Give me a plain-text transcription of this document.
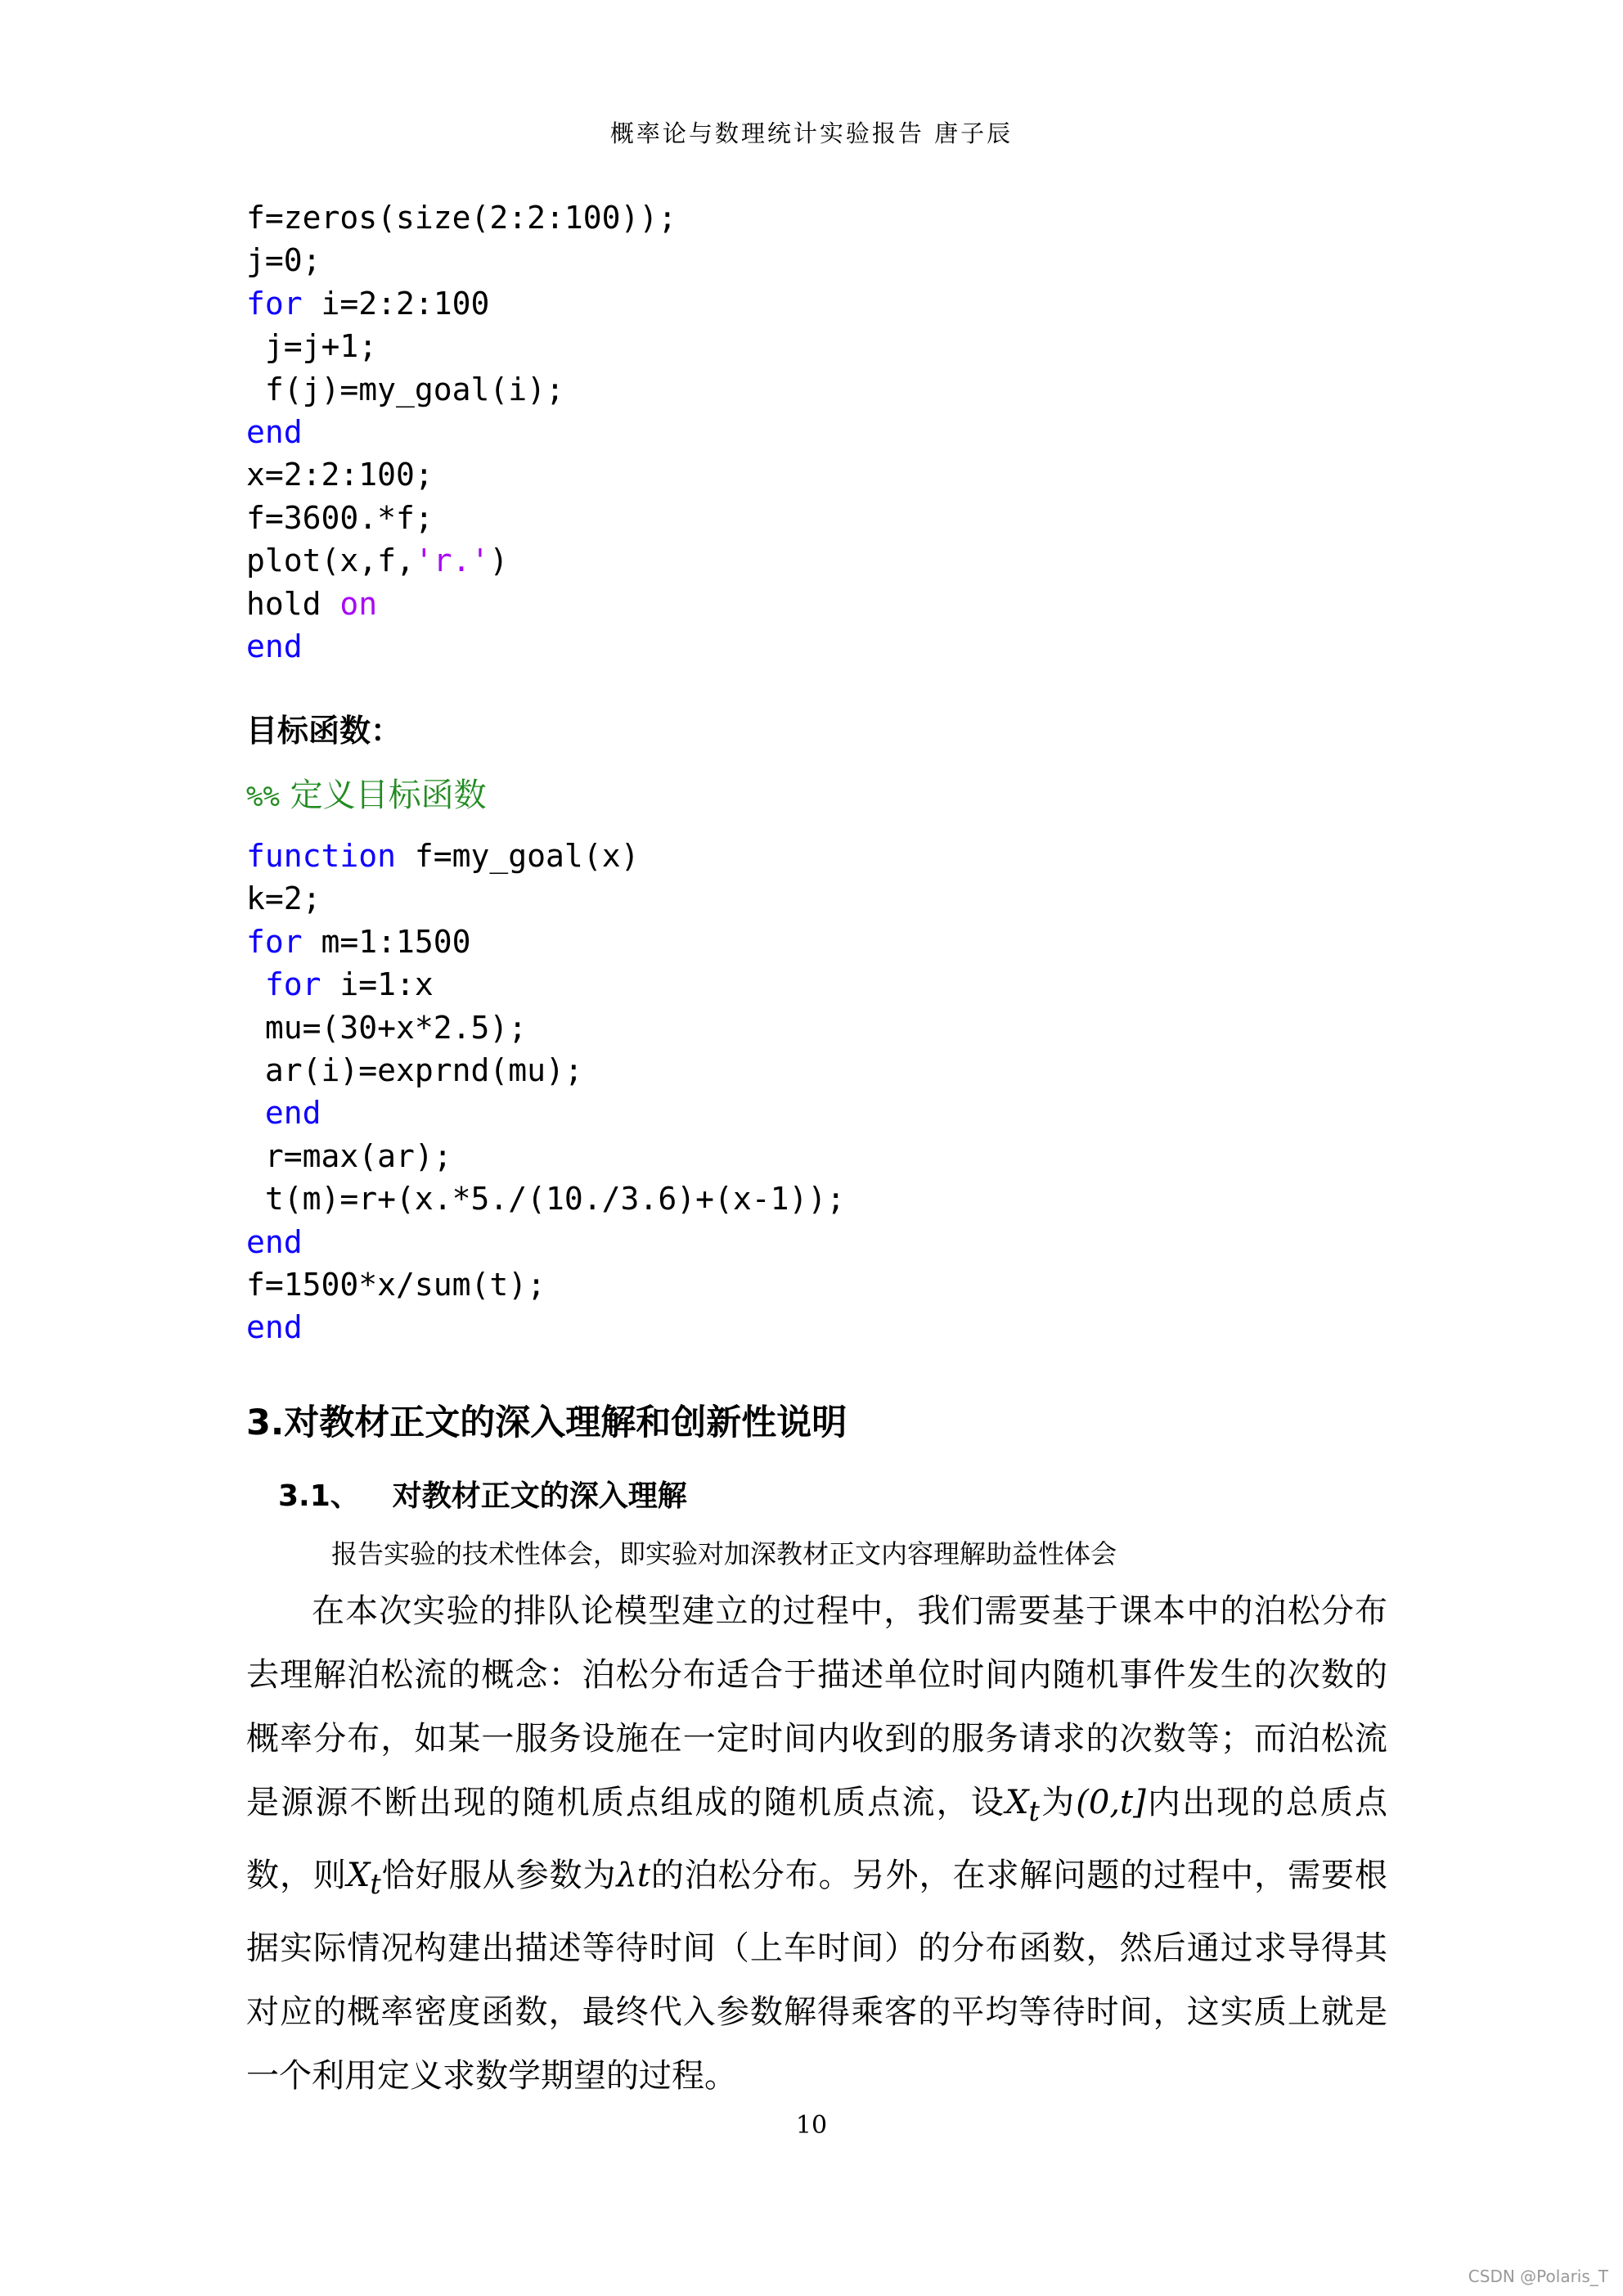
概率论与数理统计实验报告 唐子辰
f=zeros(size(2:2:100));
j=0;
for i=2:2:100
j=j+1;
f(j)=my_goal(i);
end
x=2:2:100;
f=3600.*f;
plot(x,f,'r.')
hold on
end
目标函数：
%% 定义目标函数
function f=my_goal(x)
k=2;
for m=1:1500
for i=1:x
mu=(30+x*2.5);
ar(i)=exprnd(mu);
end
r=max(ar);
t(m)=r+(x.*5./(10./3.6)+(x-1));
end
f=1500*x/sum(t);
end
3.对教材正文的深入理解和创新性说明
3.1、 对教材正文的深入理解
报告实验的技术性体会，即实验对加深教材正文内容理解助益性体会

在本次实验的排队论模型建立的过程中，我们需要基于课本中的泊松分布去理解泊松流的概念：泊松分布适合于描述单位时间内随机事件发生的次数的概率分布，如某一服务设施在一定时间内收到的服务请求的次数等；而泊松流是源源不断出现的随机质点组成的随机质点流，设$X_t$为(0,t]内出现的总质点数，则$X_t$恰好服从参数为λt的泊松分布。另外，在求解问题的过程中，需要根据实际情况构建出描述等待时间（上车时间）的分布函数，然后通过求导得其对应的概率密度函数，最终代入参数解得乘客的平均等待时间，这实质上就是一个利用定义求数学期望的过程。

10
CSDN @Polaris_T
